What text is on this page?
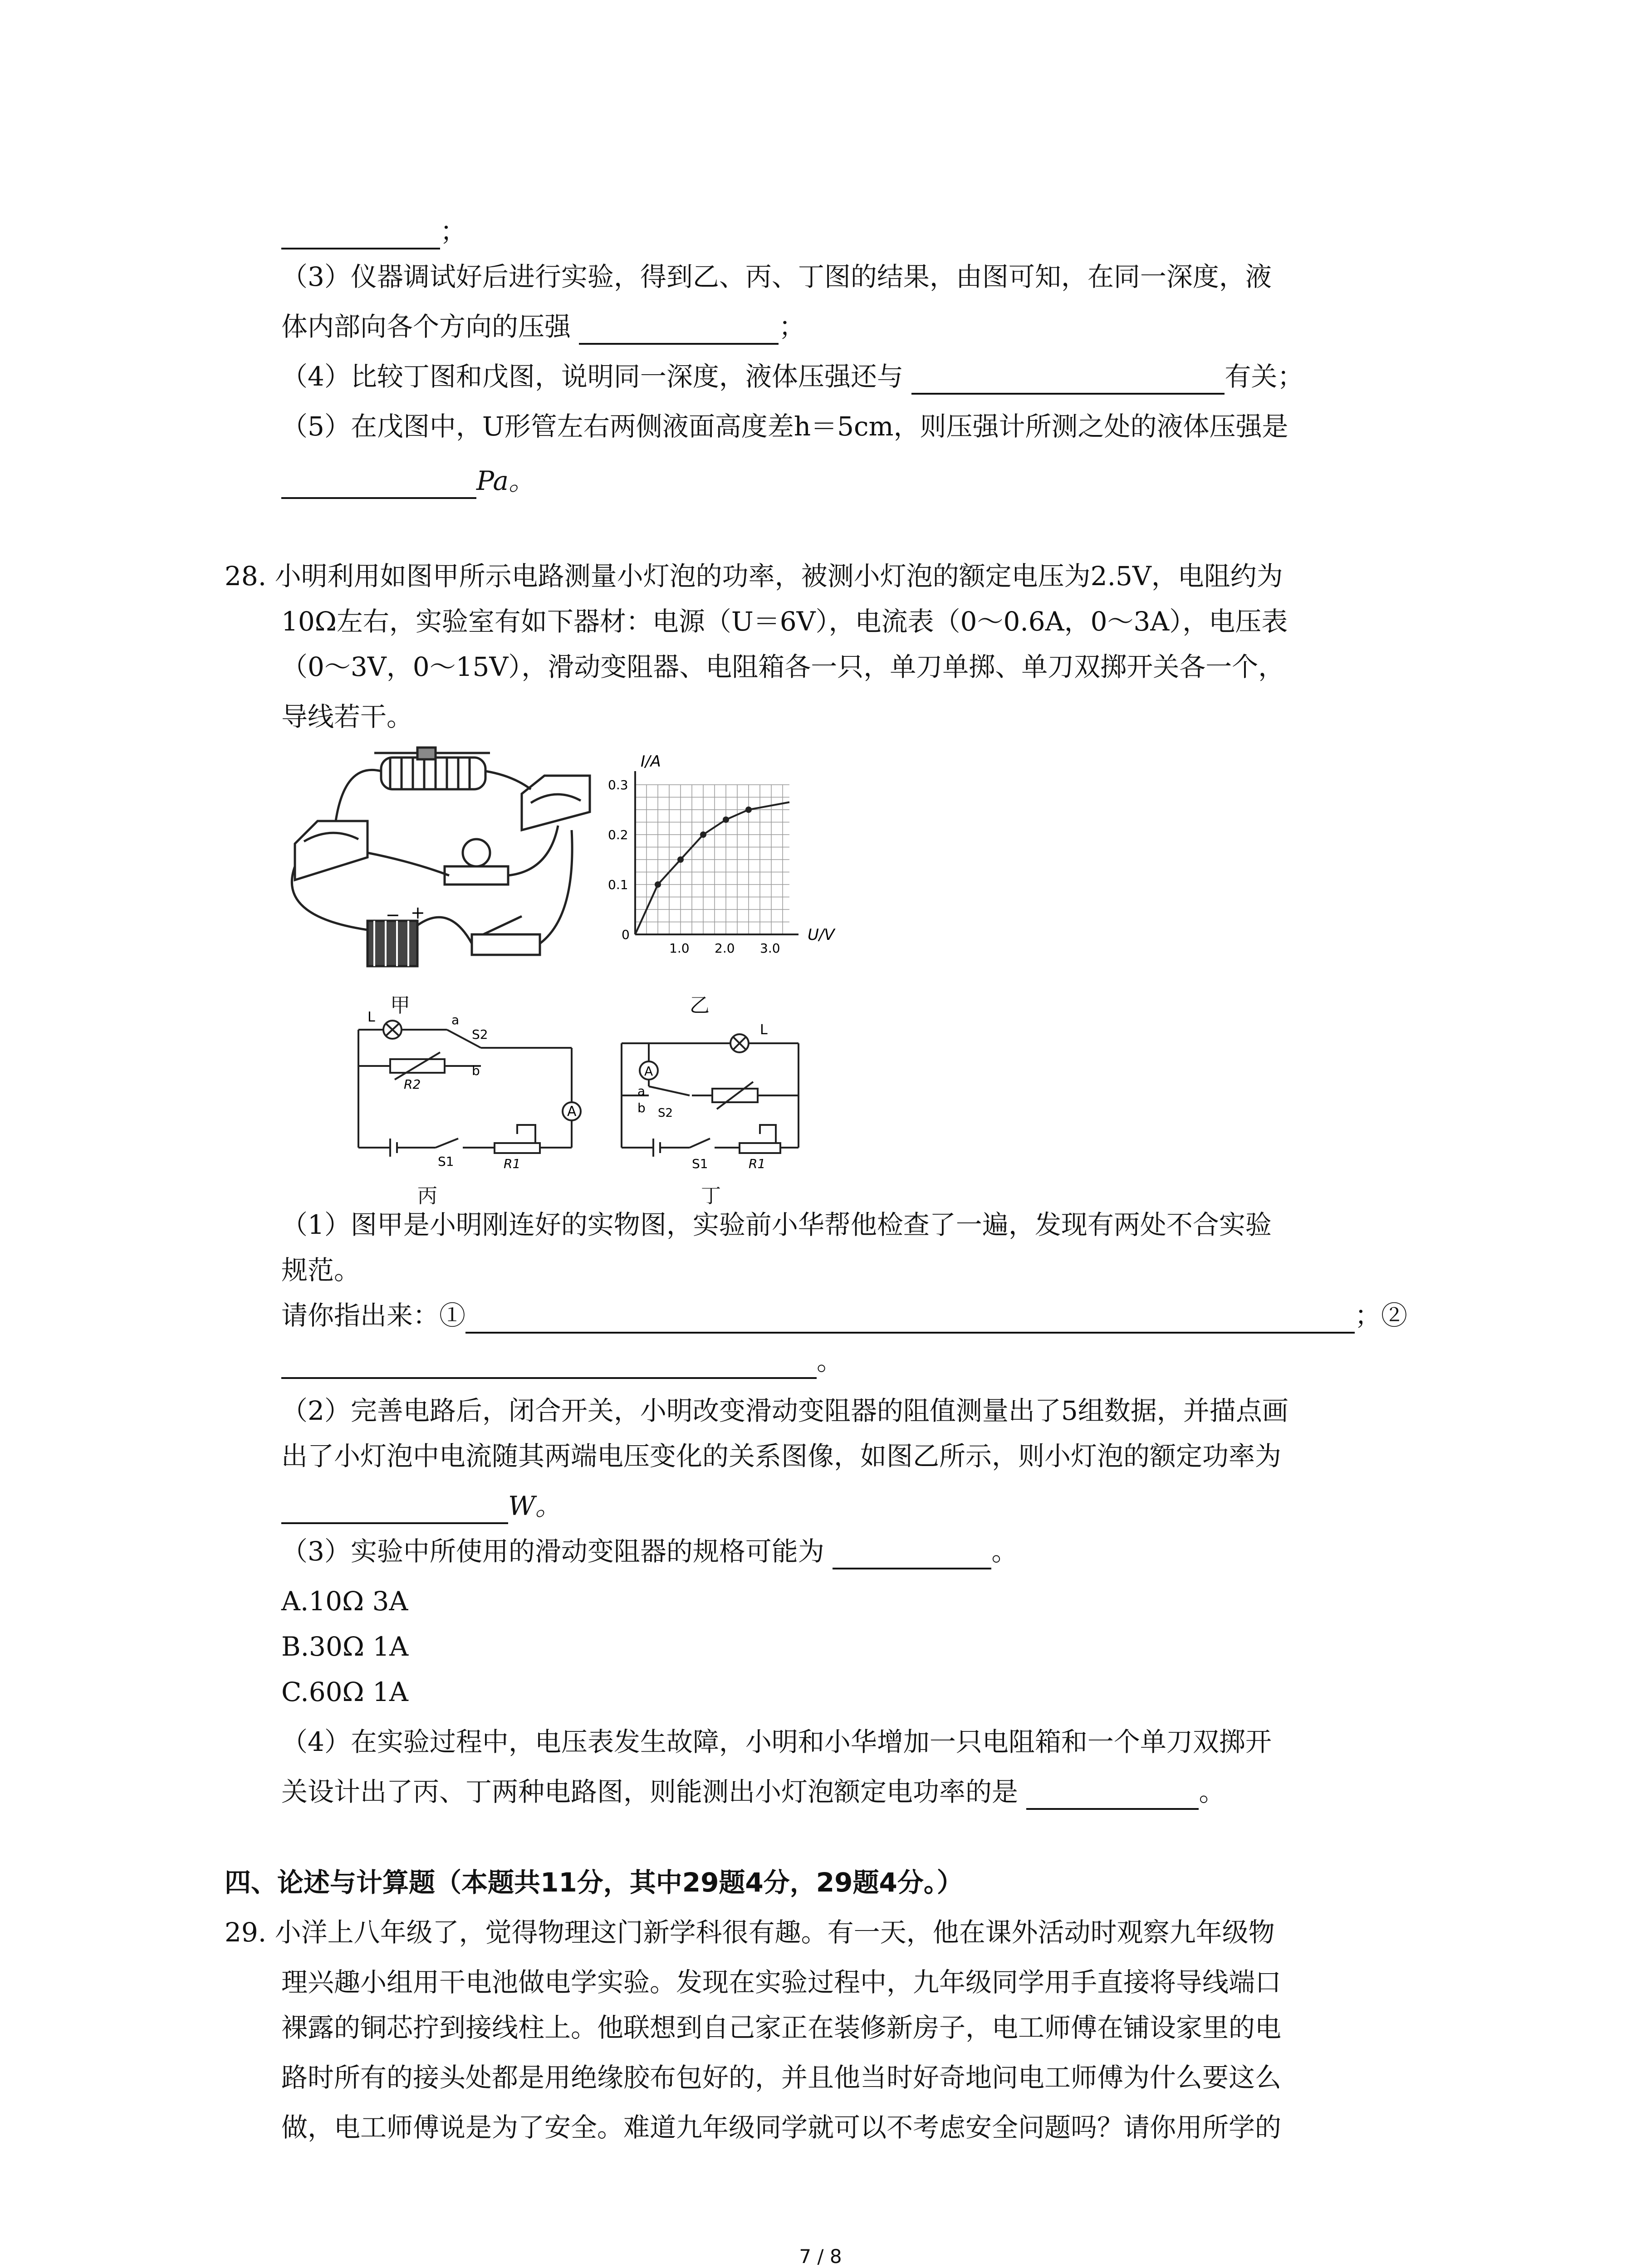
；
（3）仪器调试好后进行实验，得到乙、丙、丁图的结果，由图可知，在同一深度，液
体内部向各个方向的压强	；
（4）比较丁图和戊图，说明同一深度，液体压强还与	有关；
（5）在戊图中，U形管左右两侧液面高度差h＝5cm，则压强计所测之处的液体压强是
Pa。
28. 小明利用如图甲所示电路测量小灯泡的功率，被测小灯泡的额定电压为2.5V，电阻约为
10Ω左右，实验室有如下器材：电源（U＝6V），电流表（0～0.6A，0～3A），电压表
（0～3V，0～15V），滑动变阻器、电阻箱各一只，单刀单掷、单刀双掷开关各一个，
导线若干。
− +
甲
1.0 2.0 3.0
0
0.1
0.2
0.3
I/A
U/V
乙
A
L	a
S2
b
R2
S1	R1
丙
A
L
a
b S2
S1	R1
丁
（1）图甲是小明刚连好的实物图，实验前小华帮他检查了一遍，发现有两处不合实验
规范。
请你指出来：①	；②
。
（2）完善电路后，闭合开关，小明改变滑动变阻器的阻值测量出了5组数据，并描点画
出了小灯泡中电流随其两端电压变化的关系图像，如图乙所示，则小灯泡的额定功率为
W。
（3）实验中所使用的滑动变阻器的规格可能为	。
A.10Ω 3A
B.30Ω 1A
C.60Ω 1A
（4）在实验过程中，电压表发生故障，小明和小华增加一只电阻箱和一个单刀双掷开
关设计出了丙、丁两种电路图，则能测出小灯泡额定电功率的是	。
四、论述与计算题（本题共11分，其中29题4分，29题4分。）
29. 小洋上八年级了，觉得物理这门新学科很有趣。有一天，他在课外活动时观察九年级物
理兴趣小组用干电池做电学实验。发现在实验过程中，九年级同学用手直接将导线端口
裸露的铜芯拧到接线柱上。他联想到自己家正在装修新房子，电工师傅在铺设家里的电
路时所有的接头处都是用绝缘胶布包好的，并且他当时好奇地问电工师傅为什么要这么
做，电工师傅说是为了安全。难道九年级同学就可以不考虑安全问题吗？请你用所学的
7 / 8
